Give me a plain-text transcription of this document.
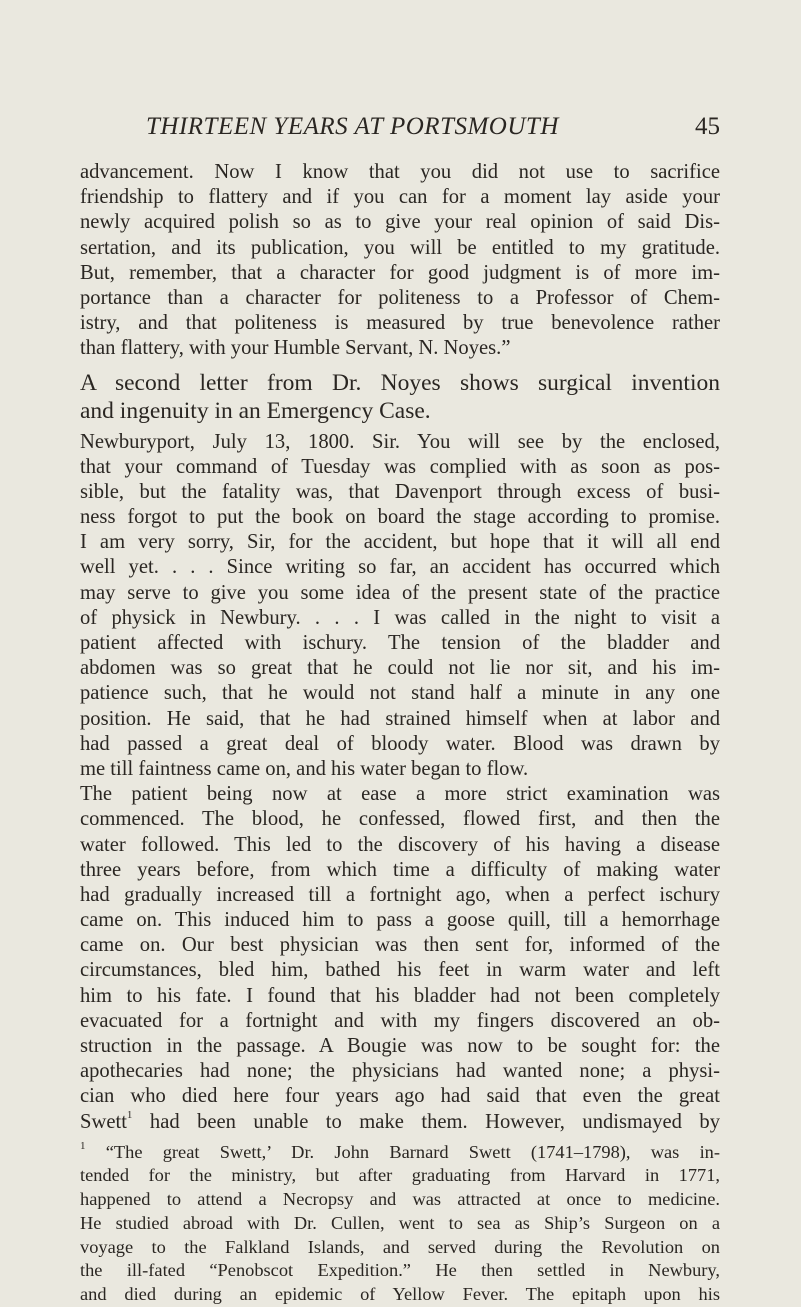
THIRTEEN YEARS AT PORTSMOUTH	45
advancement. Now I know that you did not use to sacrifice
friendship to flattery and if you can for a moment lay aside your
newly acquired polish so as to give your real opinion of said Dis-
sertation, and its publication, you will be entitled to my gratitude.
But, remember, that a character for good judgment is of more im-
portance than a character for politeness to a Professor of Chem-
istry, and that politeness is measured by true benevolence rather
than flattery, with your Humble Servant, N. Noyes.”
A second letter from Dr. Noyes shows surgical invention
and ingenuity in an Emergency Case.
Newburyport, July 13, 1800. Sir. You will see by the enclosed,
that your command of Tuesday was complied with as soon as pos-
sible, but the fatality was, that Davenport through excess of busi-
ness forgot to put the book on board the stage according to promise.
I am very sorry, Sir, for the accident, but hope that it will all end
well yet. . . . Since writing so far, an accident has occurred which
may serve to give you some idea of the present state of the practice
of physick in Newbury. . . . I was called in the night to visit a
patient affected with ischury. The tension of the bladder and
abdomen was so great that he could not lie nor sit, and his im-
patience such, that he would not stand half a minute in any one
position. He said, that he had strained himself when at labor and
had passed a great deal of bloody water. Blood was drawn by
me till faintness came on, and his water began to flow.
The patient being now at ease a more strict examination was
commenced. The blood, he confessed, flowed first, and then the
water followed. This led to the discovery of his having a disease
three years before, from which time a difficulty of making water
had gradually increased till a fortnight ago, when a perfect ischury
came on. This induced him to pass a goose quill, till a hemorrhage
came on. Our best physician was then sent for, informed of the
circumstances, bled him, bathed his feet in warm water and left
him to his fate. I found that his bladder had not been completely
evacuated for a fortnight and with my fingers discovered an ob-
struction in the passage. A Bougie was now to be sought for: the
apothecaries had none; the physicians had wanted none; a physi-
cian who died here four years ago had said that even the great
Swett$^1$ had been unable to make them. However, undismayed by
$^1$ “The great Swett,’ Dr. John Barnard Swett (1741–1798), was in-
tended for the ministry, but after graduating from Harvard in 1771,
happened to attend a Necropsy and was attracted at once to medicine.
He studied abroad with Dr. Cullen, went to sea as Ship’s Surgeon on a
voyage to the Falkland Islands, and served during the Revolution on
the ill-fated “Penobscot Expedition.” He then settled in Newbury,
and died during an epidemic of Yellow Fever. The epitaph upon his
